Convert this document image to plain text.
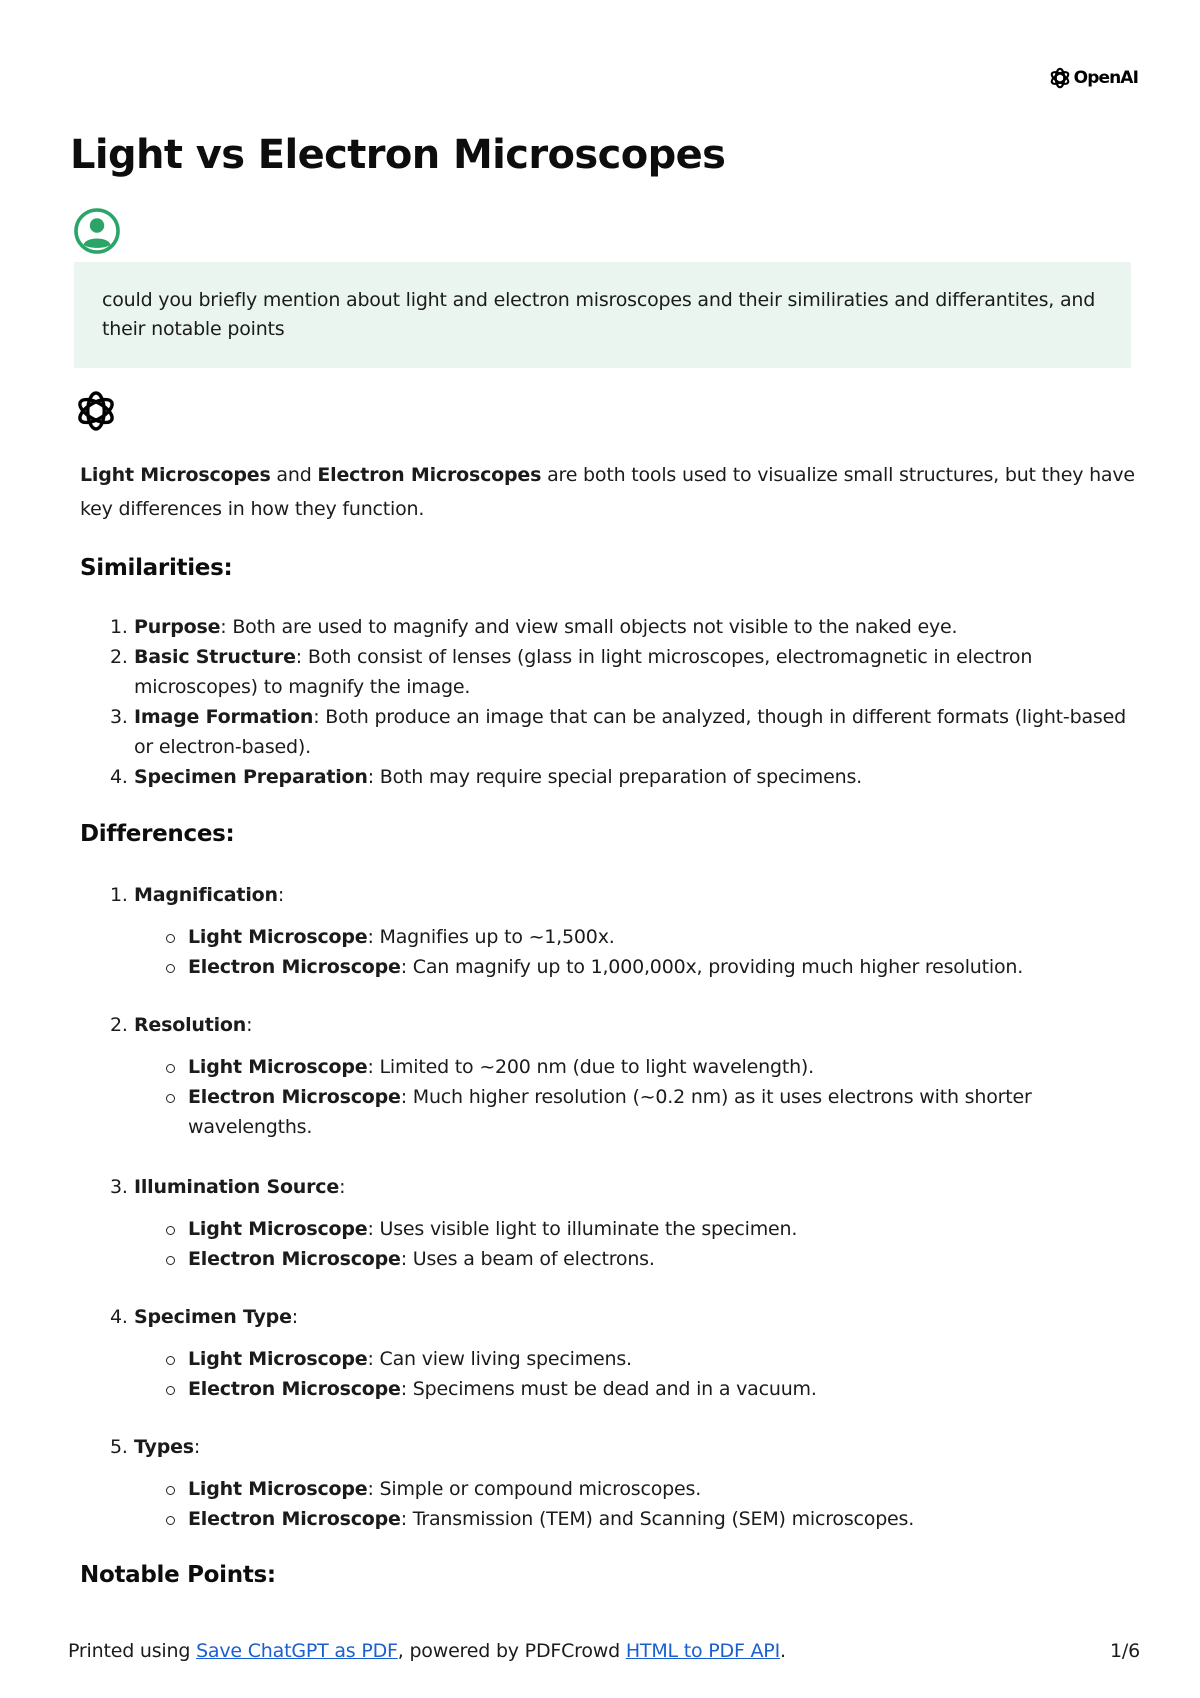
OpenAI
Light vs Electron Microscopes
could you briefly mention about light and electron misroscopes and their similiraties and differantites, and their notable points

Light Microscopes and Electron Microscopes are both tools used to visualize small structures, but they have key differences in how they function.

Similarities:
1. Purpose: Both are used to magnify and view small objects not visible to the naked eye.
2. Basic Structure: Both consist of lenses (glass in light microscopes, electromagnetic in electron microscopes) to magnify the image.
3. Image Formation: Both produce an image that can be analyzed, though in different formats (light-based or electron-based).
4. Specimen Preparation: Both may require special preparation of specimens.
Differences:
1. Magnification:
Light Microscope: Magnifies up to ~1,500x.
Electron Microscope: Can magnify up to 1,000,000x, providing much higher resolution.
2. Resolution:
Light Microscope: Limited to ~200 nm (due to light wavelength).
Electron Microscope: Much higher resolution (~0.2 nm) as it uses electrons with shorter wavelengths.
3. Illumination Source:
Light Microscope: Uses visible light to illuminate the specimen.
Electron Microscope: Uses a beam of electrons.
4. Specimen Type:
Light Microscope: Can view living specimens.
Electron Microscope: Specimens must be dead and in a vacuum.
5. Types:
Light Microscope: Simple or compound microscopes.
Electron Microscope: Transmission (TEM) and Scanning (SEM) microscopes.
Notable Points:
Printed using Save ChatGPT as PDF, powered by PDFCrowd HTML to PDF API.	1/6
